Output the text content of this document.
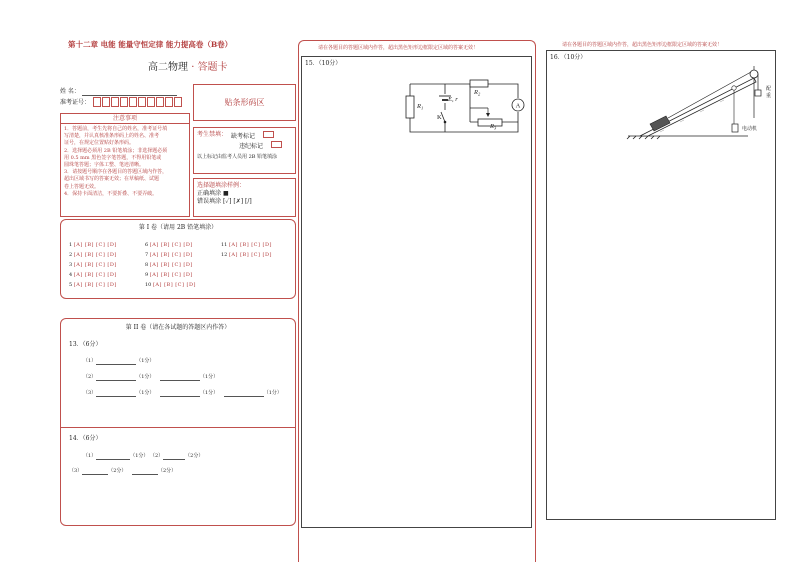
第十二章 电能 能量守恒定律 能力提高卷（B卷）
高二物理 · 答题卡
姓 名：
准考证号：	贴条形码区
注意事项
1．答题前，考生先将自己的姓名，准考证号填
写清楚，并认真核准条形码上的姓名、准考
证号，在规定位置贴好条形码。
2．选择题必须用 2B 铅笔填涂；非选择题必须
用 0.5 mm 黑色签字笔答题，不得用铅笔或
圆珠笔答题；字体工整、笔迹清晰。
3．请按题号顺序在各题目的答题区域内作答，
超出区域书写的答案无效；在草稿纸、试题
卷上答题无效。
4．保持卡面清洁，不要折叠、不要弄破。
考生禁填： 缺考标记
违纪标记
以上标记由监考人员用 2B 铅笔填涂
选择题填涂样例：
正确填涂 ■
错误填涂 [✓] [✗] [/]
第 I 卷（请用 2B 铅笔填涂）
1 [A] [B] [C] [D]
2 [A] [B] [C] [D]
3 [A] [B] [C] [D]
4 [A] [B] [C] [D]
5 [A] [B] [C] [D]
6 [A] [B] [C] [D]
7 [A] [B] [C] [D]
8 [A] [B] [C] [D]
9 [A] [B] [C] [D]
10 [A] [B] [C] [D]
11 [A] [B] [C] [D]
12 [A] [B] [C] [D]
第 II 卷（请在各试题的答题区内作答）
13．（6分）
（1）	（1分）
（2）	（1分）	（1分）
（3）	（1分）	（1分）	（1分）
14．（6分）
（1）	（1分） （2）	（2分）
（3）	（2分）	（2分）
请在各题目的答题区域内作答，超出黑色矩形边框限定区域的答案无效！
15．（10分）
A
$R_1$
$R_2$
$R_3$
E, r
K
请在各题目的答题区域内作答，超出黑色矩形边框限定区域的答案无效！
16．（10分）
配重
电动机
